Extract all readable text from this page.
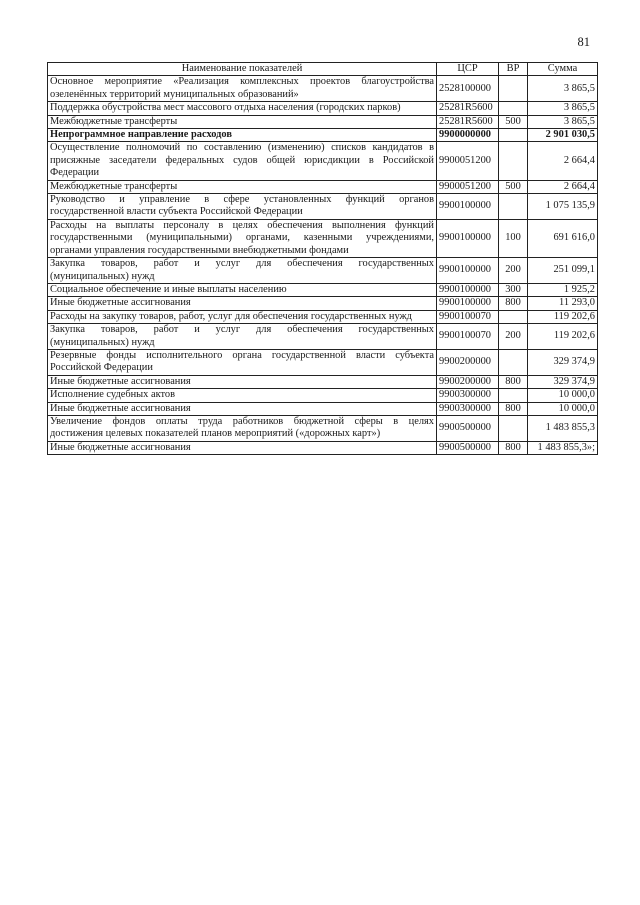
81
Наименование показателей	ЦСР	ВР	Сумма

Основное мероприятие «Реализация комплексных проектов благоустройства
озеленённых территорий муниципальных образований»	2528100000		3 865,5

Поддержка обустройства мест массового отдыха населения (городских парков)	25281R5600		3 865,5

Межбюджетные трансферты	25281R5600	500	3 865,5

Непрограммное направление расходов	9900000000		2 901 030,5

Осуществление полномочий по составлению (изменению) списков кандидатов в
присяжные заседатели федеральных судов общей юрисдикции в Российской
Федерации	9900051200		2 664,4

Межбюджетные трансферты	9900051200	500	2 664,4

Руководство и управление в сфере установленных функций органов
государственной власти субъекта Российской Федерации	9900100000		1 075 135,9

Расходы на выплаты персоналу в целях обеспечения выполнения функций
государственными (муниципальными) органами, казенными учреждениями,
органами управления государственными внебюджетными фондами	9900100000	100	691 616,0

Закупка товаров, работ и услуг для обеспечения государственных
(муниципальных) нужд	9900100000	200	251 099,1

Социальное обеспечение и иные выплаты населению	9900100000	300	1 925,2

Иные бюджетные ассигнования	9900100000	800	11 293,0

Расходы на закупку товаров, работ, услуг для обеспечения государственных нужд	9900100070		119 202,6

Закупка товаров, работ и услуг для обеспечения государственных
(муниципальных) нужд	9900100070	200	119 202,6

Резервные фонды исполнительного органа государственной власти субъекта
Российской Федерации	9900200000		329 374,9

Иные бюджетные ассигнования	9900200000	800	329 374,9

Исполнение судебных актов	9900300000		10 000,0

Иные бюджетные ассигнования	9900300000	800	10 000,0

Увеличение фондов оплаты труда работников бюджетной сферы в целях
достижения целевых показателей планов мероприятий («дорожных карт»)	9900500000		1 483 855,3

Иные бюджетные ассигнования	9900500000	800	1 483 855,3»;
